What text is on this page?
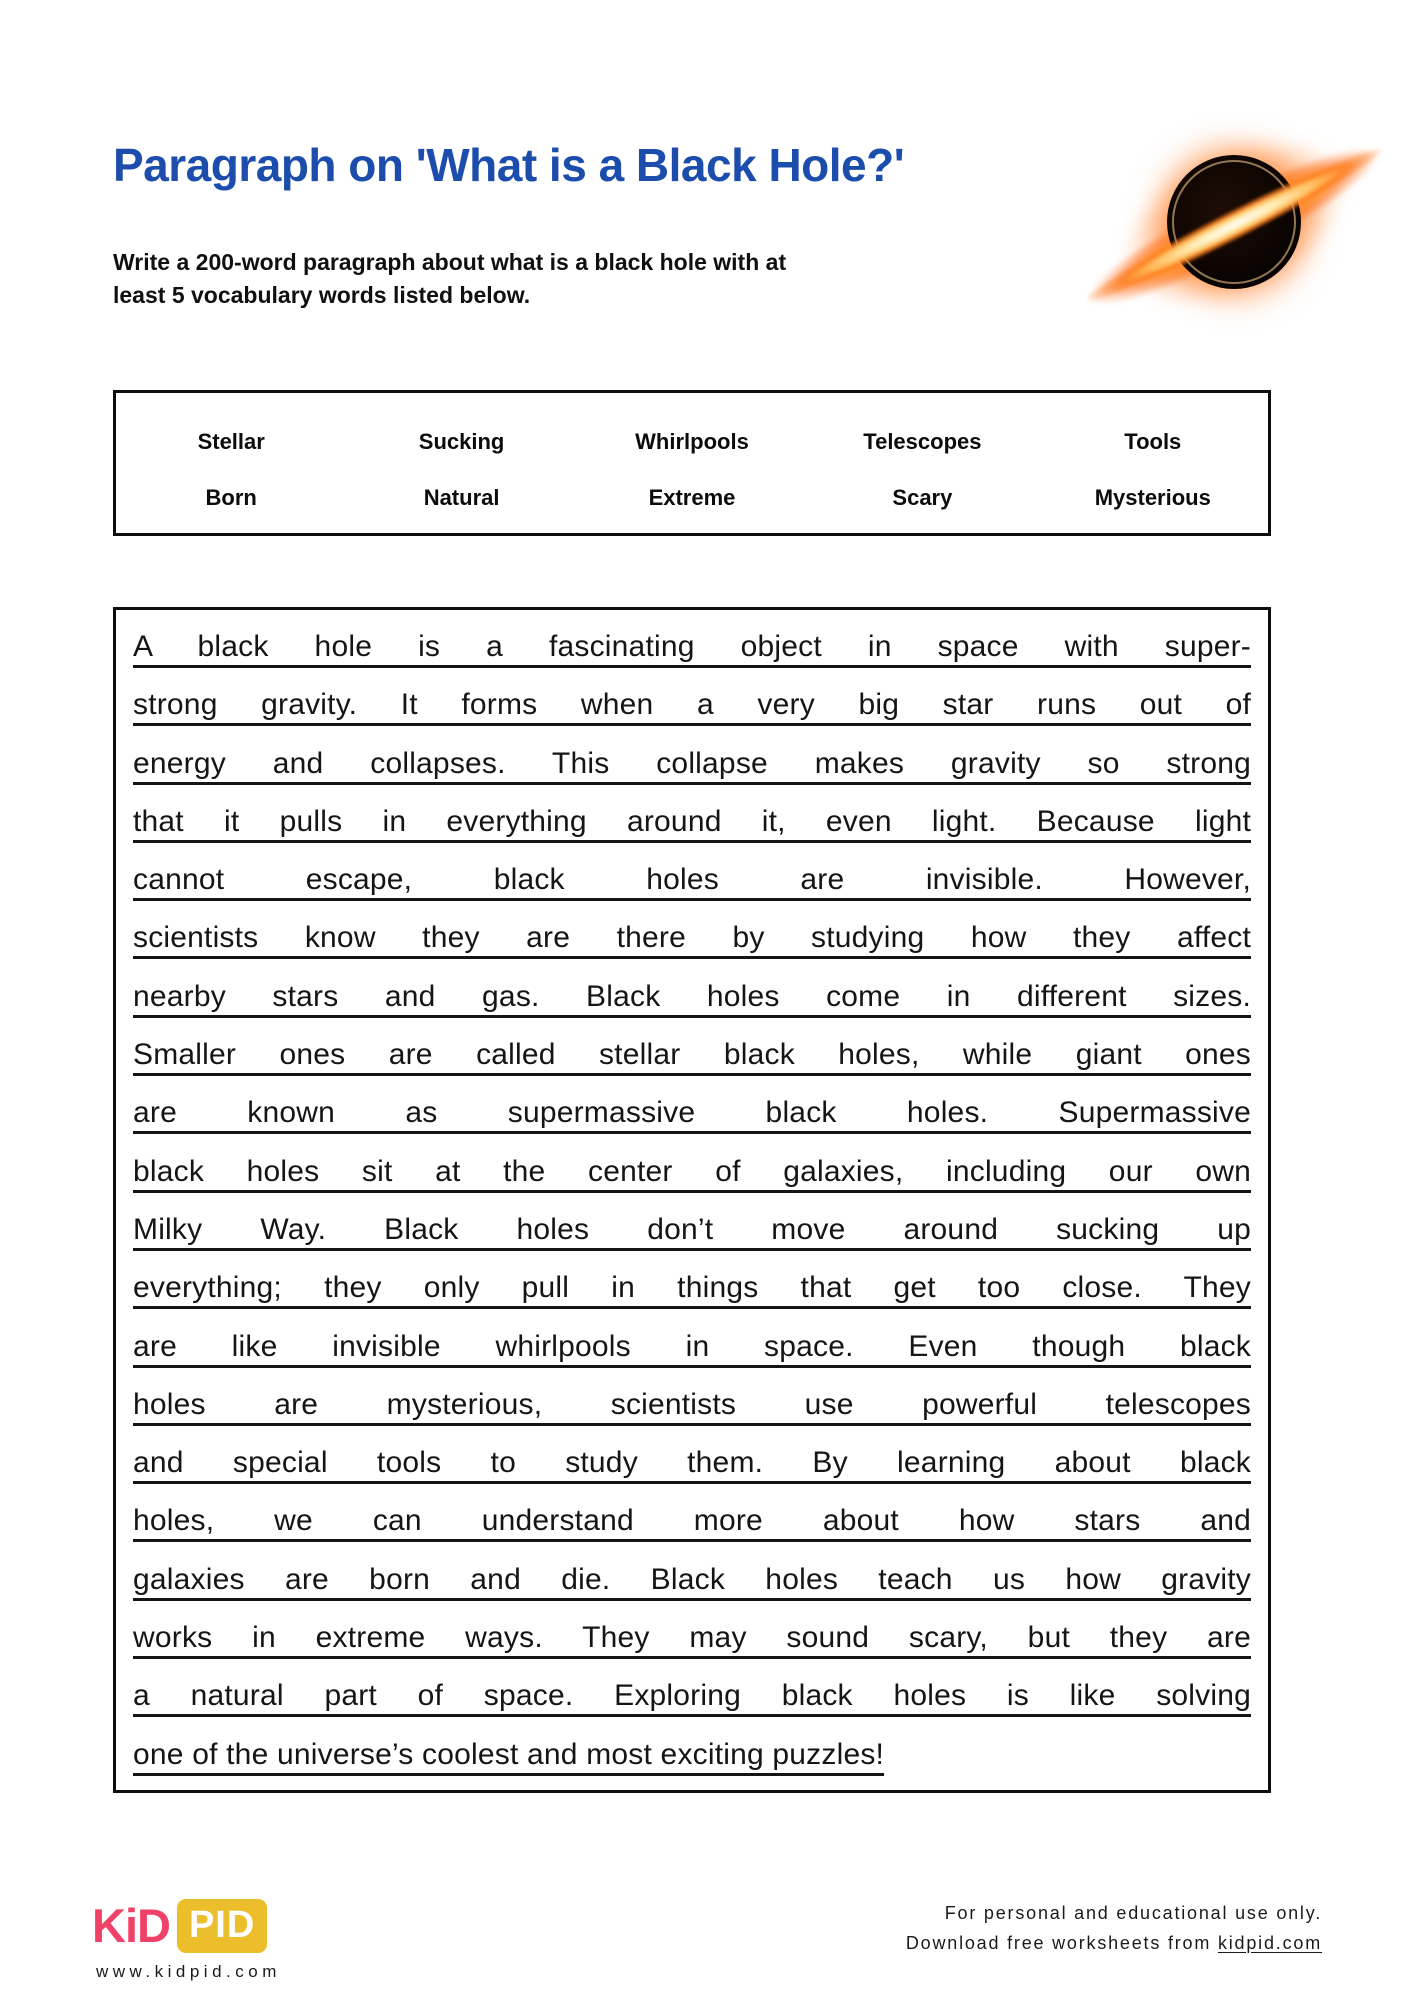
Paragraph on 'What is a Black Hole?'
Write a 200-word paragraph about what is a black hole with at
least 5 vocabulary words listed below.
Stellar	Sucking	Whirlpools	Telescopes	Tools
Born	Natural	Extreme	Scary	Mysterious
A black hole is a fascinating object in space with super-
strong gravity. It forms when a very big star runs out of
energy and collapses. This collapse makes gravity so strong
that it pulls in everything around it, even light. Because light
cannot escape, black holes are invisible. However,
scientists know they are there by studying how they affect
nearby stars and gas. Black holes come in different sizes.
Smaller ones are called stellar black holes, while giant ones
are known as supermassive black holes. Supermassive
black holes sit at the center of galaxies, including our own
Milky Way. Black holes don’t move around sucking up
everything; they only pull in things that get too close. They
are like invisible whirlpools in space. Even though black
holes are mysterious, scientists use powerful telescopes
and special tools to study them. By learning about black
holes, we can understand more about how stars and
galaxies are born and die. Black holes teach us how gravity
works in extreme ways. They may sound scary, but they are
a natural part of space. Exploring black holes is like solving
one of the universe’s coolest and most exciting puzzles!
KiD PID
www.kidpid.com
For personal and educational use only.
Download free worksheets from kidpid.com
